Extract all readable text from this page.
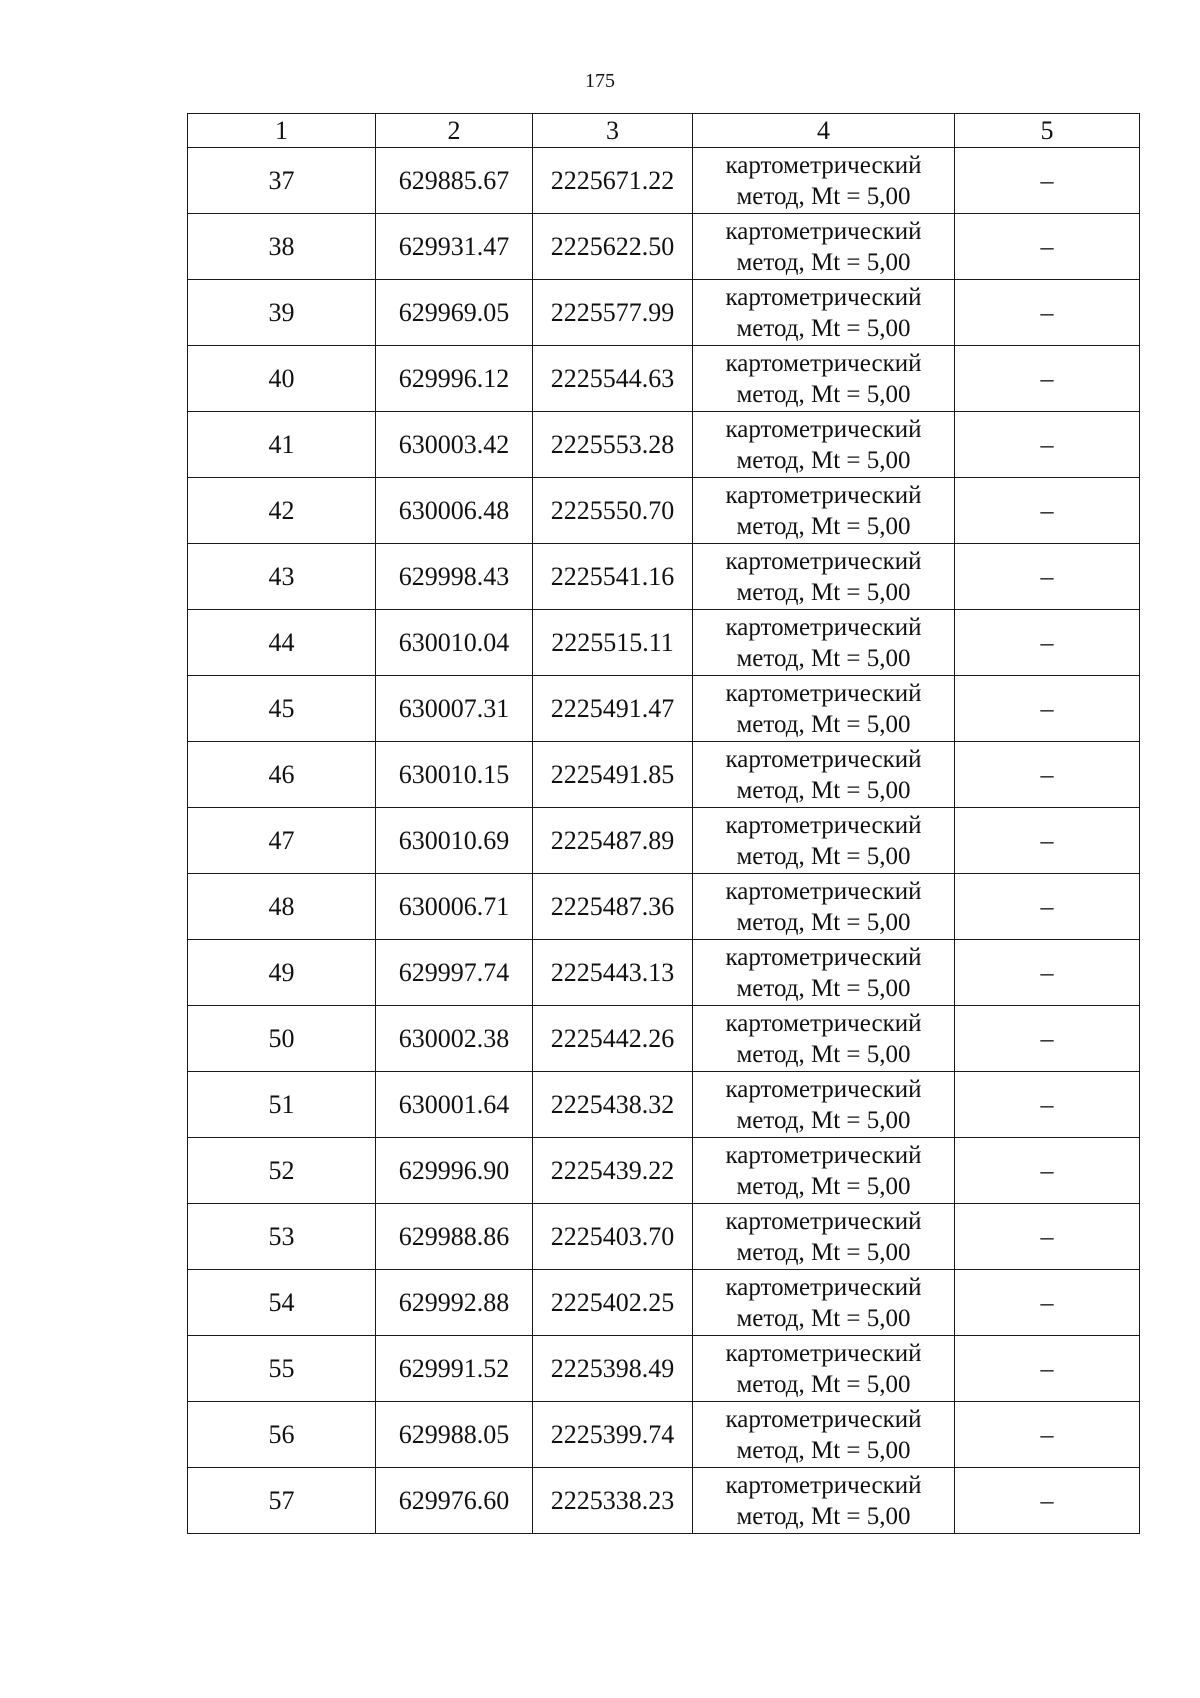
175
1	2	3	4	5
37	629885.67	2225671.22	картометрический
метод, Mt = 5,00	–
38	629931.47	2225622.50	картометрический
метод, Mt = 5,00	–
39	629969.05	2225577.99	картометрический
метод, Mt = 5,00	–
40	629996.12	2225544.63	картометрический
метод, Mt = 5,00	–
41	630003.42	2225553.28	картометрический
метод, Mt = 5,00	–
42	630006.48	2225550.70	картометрический
метод, Mt = 5,00	–
43	629998.43	2225541.16	картометрический
метод, Mt = 5,00	–
44	630010.04	2225515.11	картометрический
метод, Mt = 5,00	–
45	630007.31	2225491.47	картометрический
метод, Mt = 5,00	–
46	630010.15	2225491.85	картометрический
метод, Mt = 5,00	–
47	630010.69	2225487.89	картометрический
метод, Mt = 5,00	–
48	630006.71	2225487.36	картометрический
метод, Mt = 5,00	–
49	629997.74	2225443.13	картометрический
метод, Mt = 5,00	–
50	630002.38	2225442.26	картометрический
метод, Mt = 5,00	–
51	630001.64	2225438.32	картометрический
метод, Mt = 5,00	–
52	629996.90	2225439.22	картометрический
метод, Mt = 5,00	–
53	629988.86	2225403.70	картометрический
метод, Mt = 5,00	–
54	629992.88	2225402.25	картометрический
метод, Mt = 5,00	–
55	629991.52	2225398.49	картометрический
метод, Mt = 5,00	–
56	629988.05	2225399.74	картометрический
метод, Mt = 5,00	–
57	629976.60	2225338.23	картометрический
метод, Mt = 5,00	–
